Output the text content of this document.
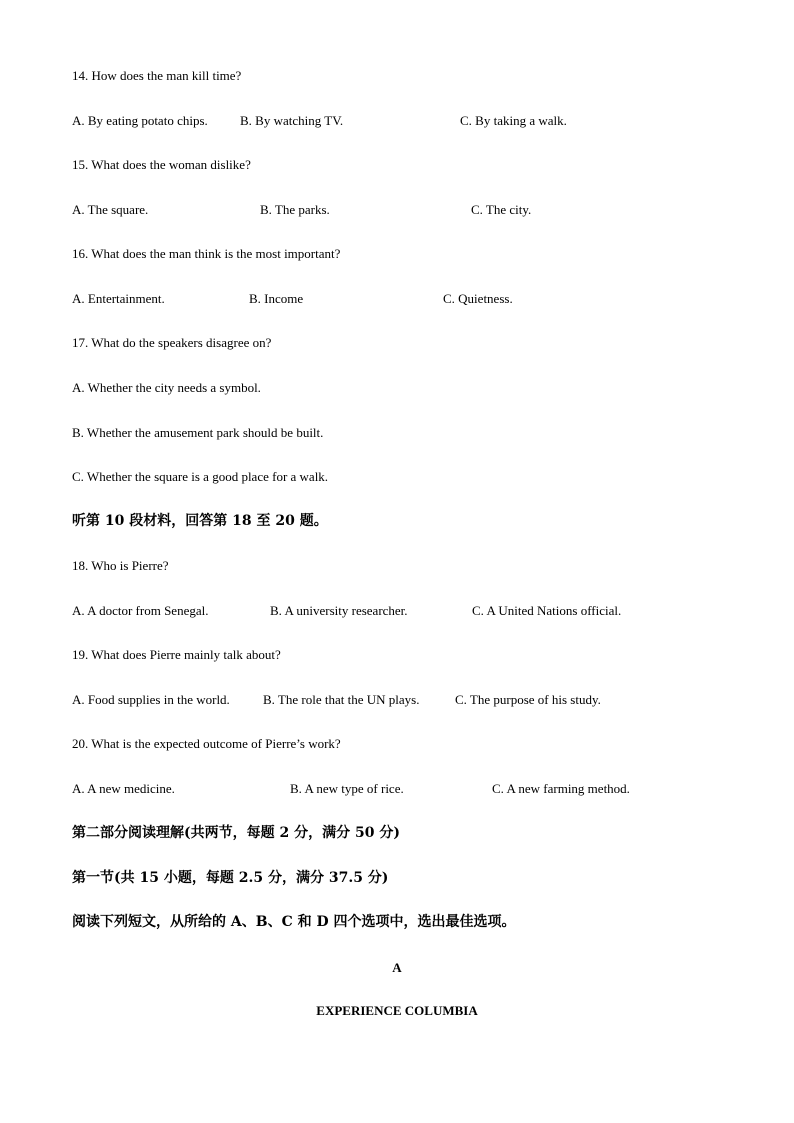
14. How does the man kill time?
A. By eating potato chips. B. By watching TV.	C. By taking a walk.
15. What does the woman dislike?
A. The square.	B. The parks.	C. The city.
16. What does the man think is the most important?
A. Entertainment.	B. Income	C. Quietness.
17. What do the speakers disagree on?
A. Whether the city needs a symbol.
B. Whether the amusement park should be built.
C. Whether the square is a good place for a walk.
听第 10 段材料，回答第 18 至 20 题。
18. Who is Pierre?
A. A doctor from Senegal.	B. A university researcher.	C. A United Nations official.
19. What does Pierre mainly talk about?
A. Food supplies in the world.	B. The role that the UN plays.	C. The purpose of his study.
20. What is the expected outcome of Pierre’s work?
A. A new medicine.	B. A new type of rice.	C. A new farming method.
第二部分阅读理解(共两节，每题 2 分，满分 50 分)
第一节(共 15 小题，每题 2.5 分，满分 37.5 分)
阅读下列短文，从所给的 A、B、C 和 D 四个选项中，选出最佳选项。
A
EXPERIENCE COLUMBIA
